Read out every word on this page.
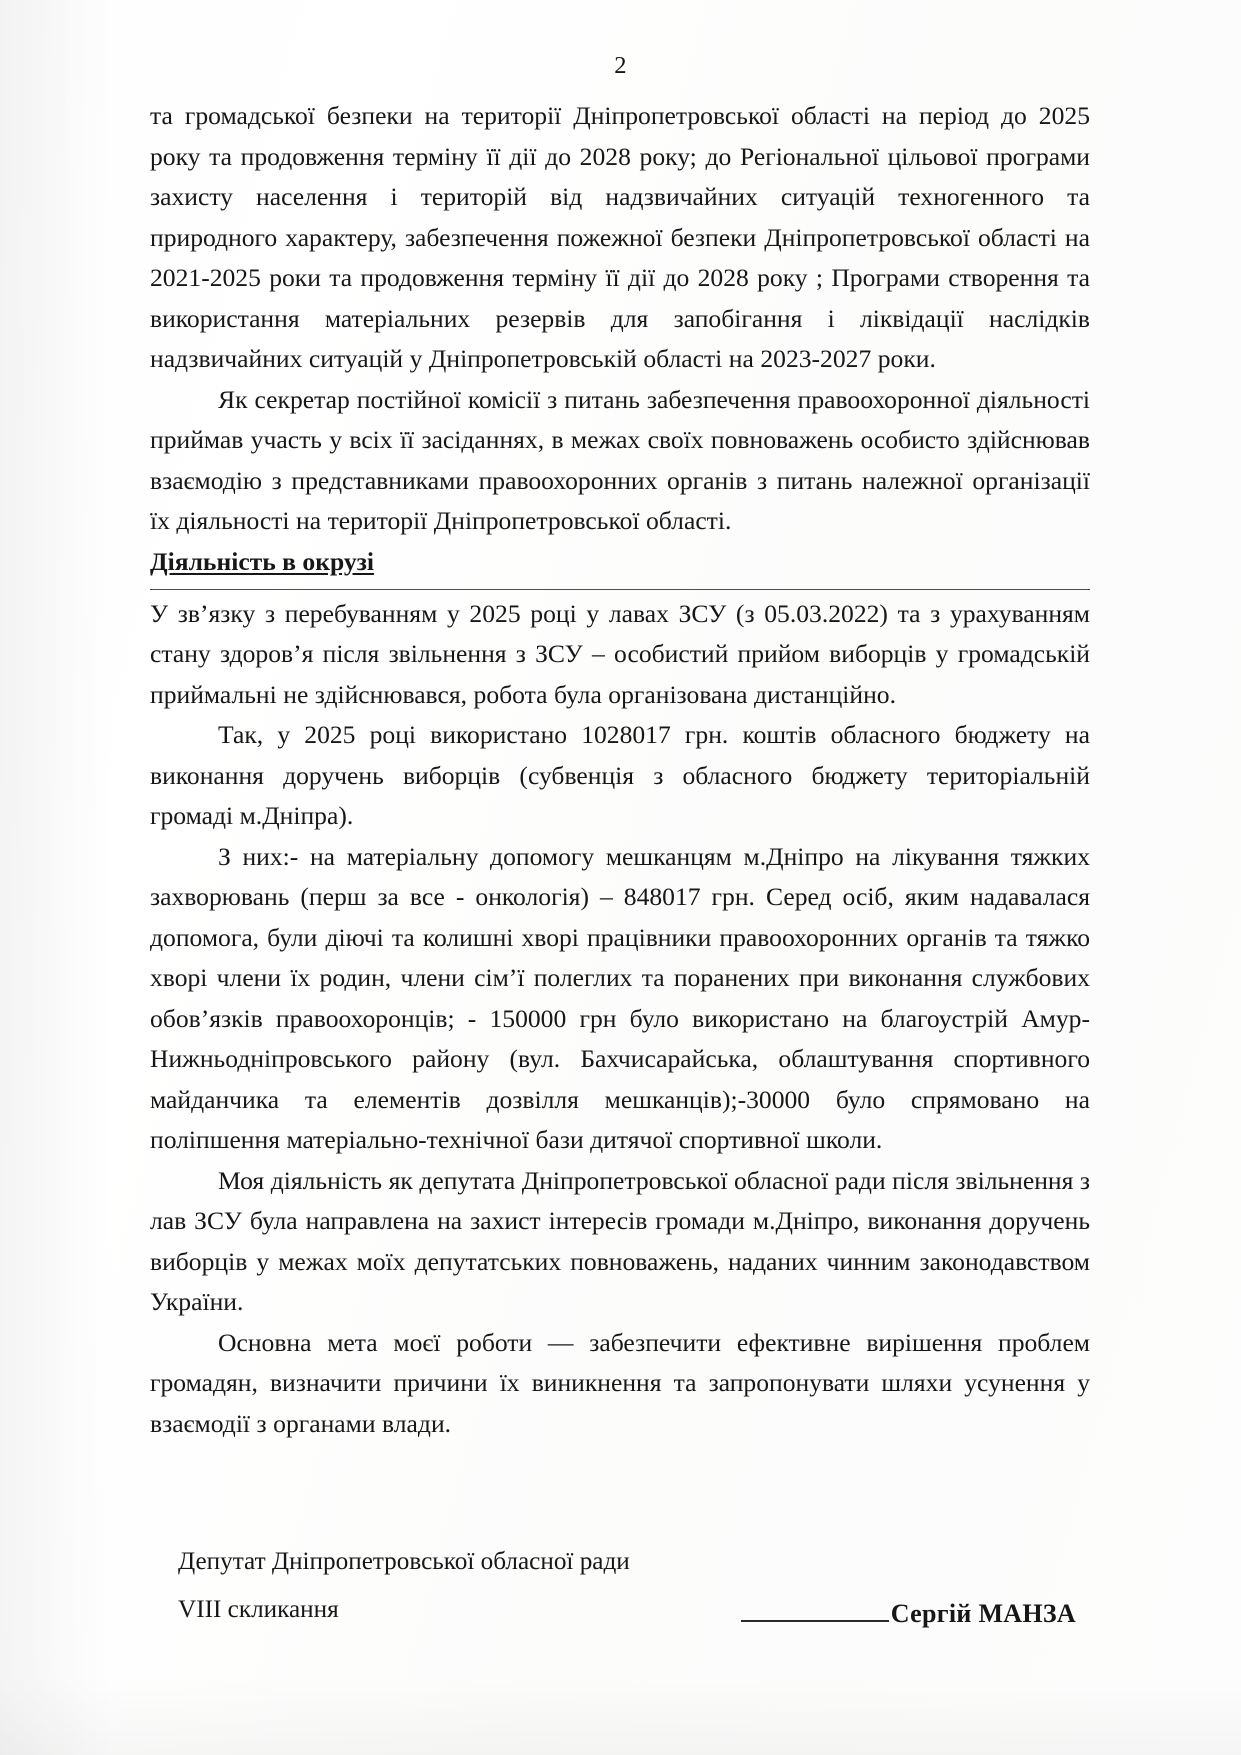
2

та громадської безпеки на території Дніпропетровської області на період до 2025 року та продовження терміну її дії до 2028 року; до Регіональної цільової програми захисту населення і територій від надзвичайних ситуацій техногенного та природного характеру, забезпечення пожежної безпеки Дніпропетровської області на 2021-2025 роки та продовження терміну її дії до 2028 року ; Програми створення та використання матеріальних резервів для запобігання і ліквідації наслідків надзвичайних ситуацій у Дніпропетровській області на 2023-2027 роки.

Як секретар постійної комісії з питань забезпечення правоохоронної діяльності приймав участь у всіх її засіданнях, в межах своїх повноважень особисто здійснював взаємодію з представниками правоохоронних органів з питань належної організації їх діяльності на території Дніпропетровської області.

Діяльність в окрузі

У зв’язку з перебуванням у 2025 році у лавах ЗСУ (з 05.03.2022) та з урахуванням стану здоров’я після звільнення з ЗСУ – особистий прийом виборців у громадській приймальні не здійснювався, робота була організована дистанційно.

Так, у 2025 році використано 1028017 грн. коштів обласного бюджету на виконання доручень виборців (субвенція з обласного бюджету територіальній громаді м.Дніпра).

З них:- на матеріальну допомогу мешканцям м.Дніпро на лікування тяжких захворювань (перш за все - онкологія) – 848017 грн. Серед осіб, яким надавалася допомога, були діючі та колишні хворі працівники правоохоронних органів та тяжко хворі члени їх родин, члени сім’ї полеглих та поранених при виконання службових обов’язків правоохоронців; - 150000 грн було використано на благоустрій Амур-Нижньодніпровського району (вул. Бахчисарайська, облаштування спортивного майданчика та елементів дозвілля мешканців);-30000 було спрямовано на поліпшення матеріально-технічної бази дитячої спортивної школи.

Моя діяльність як депутата Дніпропетровської обласної ради після звільнення з лав ЗСУ була направлена на захист інтересів громади м.Дніпро, виконання доручень виборців у межах моїх депутатських повноважень, наданих чинним законодавством України.

Основна мета моєї роботи — забезпечити ефективне вирішення проблем громадян, визначити причини їх виникнення та запропонувати шляхи усунення у взаємодії з органами влади.

Депутат Дніпропетровської обласної ради
VIII скликання	Сергій МАНЗА
